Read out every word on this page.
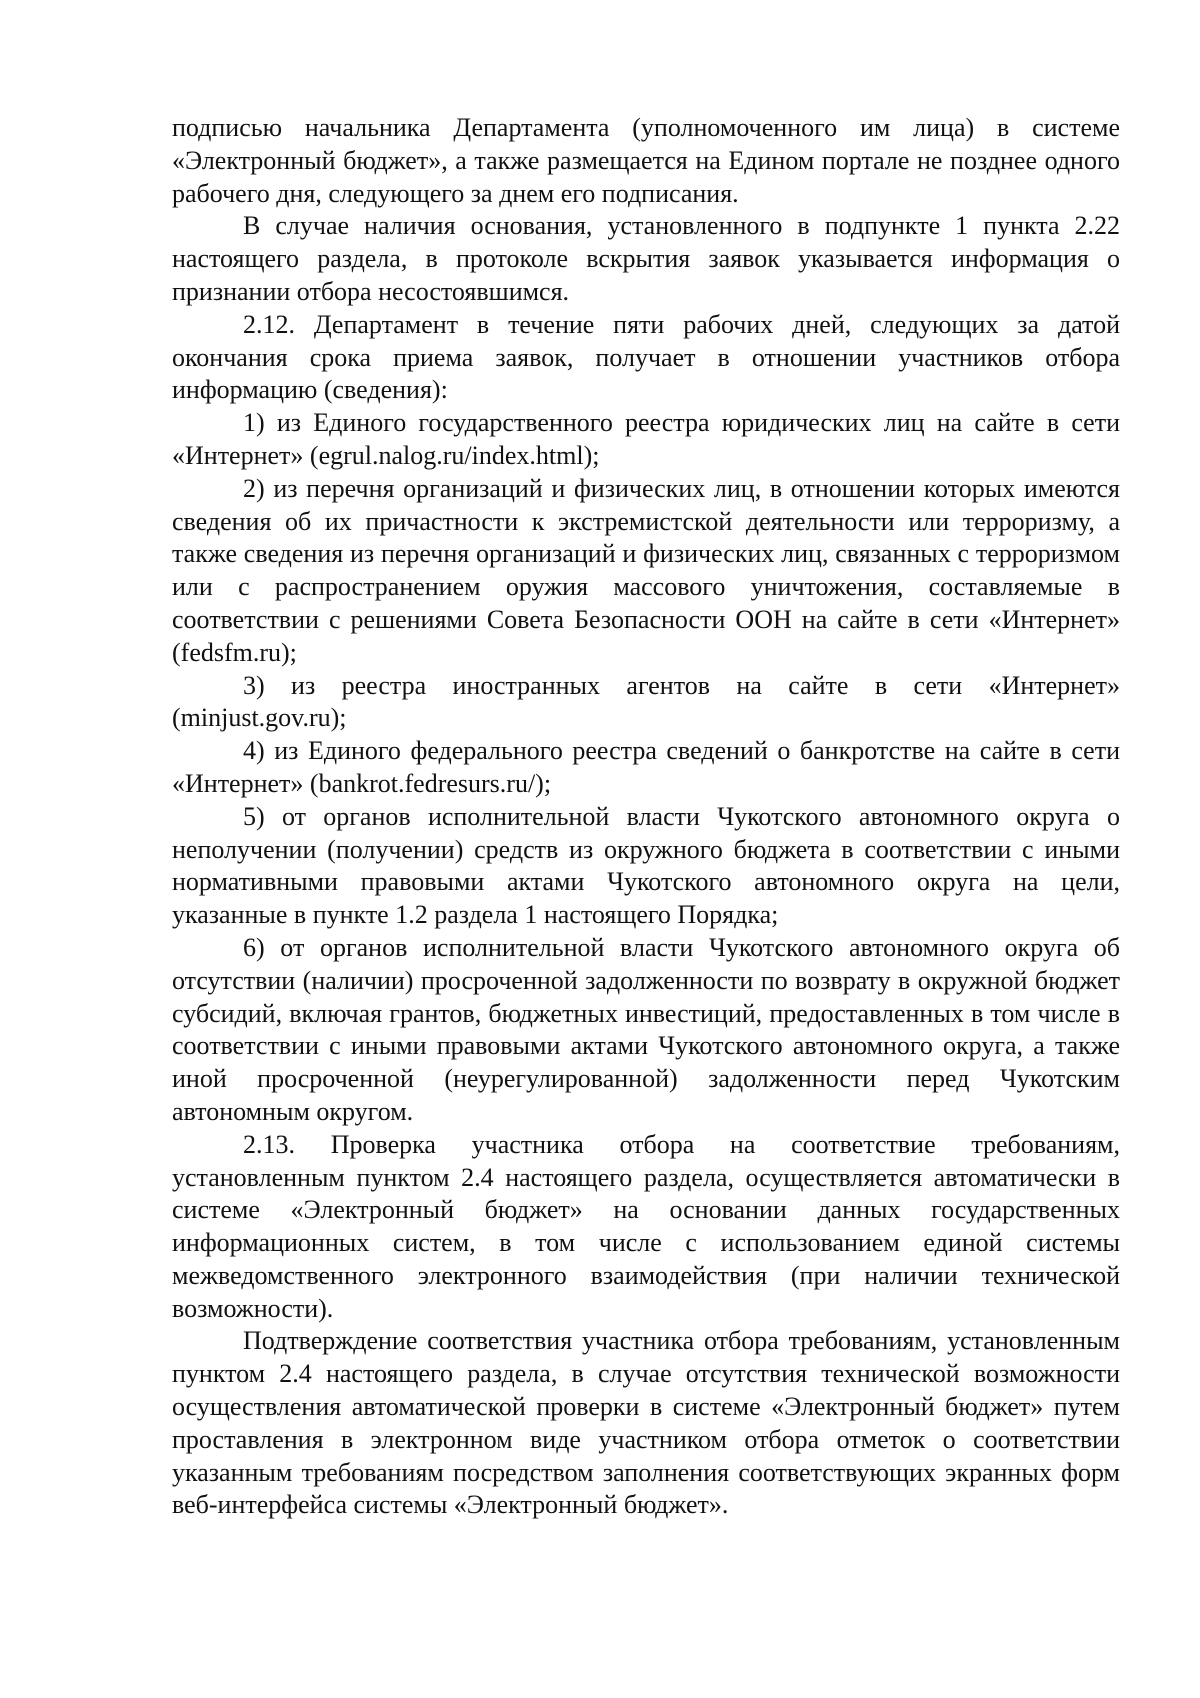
подписью начальника Департамента (уполномоченного им лица) в системе «Электронный бюджет», а также размещается на Едином портале не позднее одного рабочего дня, следующего за днем его подписания.

В случае наличия основания, установленного в подпункте 1 пункта 2.22 настоящего раздела, в протоколе вскрытия заявок указывается информация о признании отбора несостоявшимся.

2.12. Департамент в течение пяти рабочих дней, следующих за датой окончания срока приема заявок, получает в отношении участников отбора информацию (сведения):

1) из Единого государственного реестра юридических лиц на сайте в сети «Интернет» (egrul.nalog.ru/index.html);

2) из перечня организаций и физических лиц, в отношении которых имеются сведения об их причастности к экстремистской деятельности или терроризму, а также сведения из перечня организаций и физических лиц, связанных с терроризмом или с распространением оружия массового уничтожения, составляемые в соответствии с решениями Совета Безопасности ООН на сайте в сети «Интернет» (fedsfm.ru);

3) из реестра иностранных агентов на сайте в сети «Интернет» (minjust.gov.ru);

4) из Единого федерального реестра сведений о банкротстве на сайте в сети «Интернет» (bankrot.fedresurs.ru/);

5) от органов исполнительной власти Чукотского автономного округа о неполучении (получении) средств из окружного бюджета в соответствии с иными нормативными правовыми актами Чукотского автономного округа на цели, указанные в пункте 1.2 раздела 1 настоящего Порядка;

6) от органов исполнительной власти Чукотского автономного округа об отсутствии (наличии) просроченной задолженности по возврату в окружной бюджет субсидий, включая грантов, бюджетных инвестиций, предоставленных в том числе в соответствии с иными правовыми актами Чукотского автономного округа, а также иной просроченной (неурегулированной) задолженности перед Чукотским автономным округом.

2.13. Проверка участника отбора на соответствие требованиям, установленным пунктом 2.4 настоящего раздела, осуществляется автоматически в системе «Электронный бюджет» на основании данных государственных информационных систем, в том числе с использованием единой системы межведомственного электронного взаимодействия (при наличии технической возможности).

Подтверждение соответствия участника отбора требованиям, установленным пунктом 2.4 настоящего раздела, в случае отсутствия технической возможности осуществления автоматической проверки в системе «Электронный бюджет» путем проставления в электронном виде участником отбора отметок о соответствии указанным требованиям посредством заполнения соответствующих экранных форм веб-интерфейса системы «Электронный бюджет».
